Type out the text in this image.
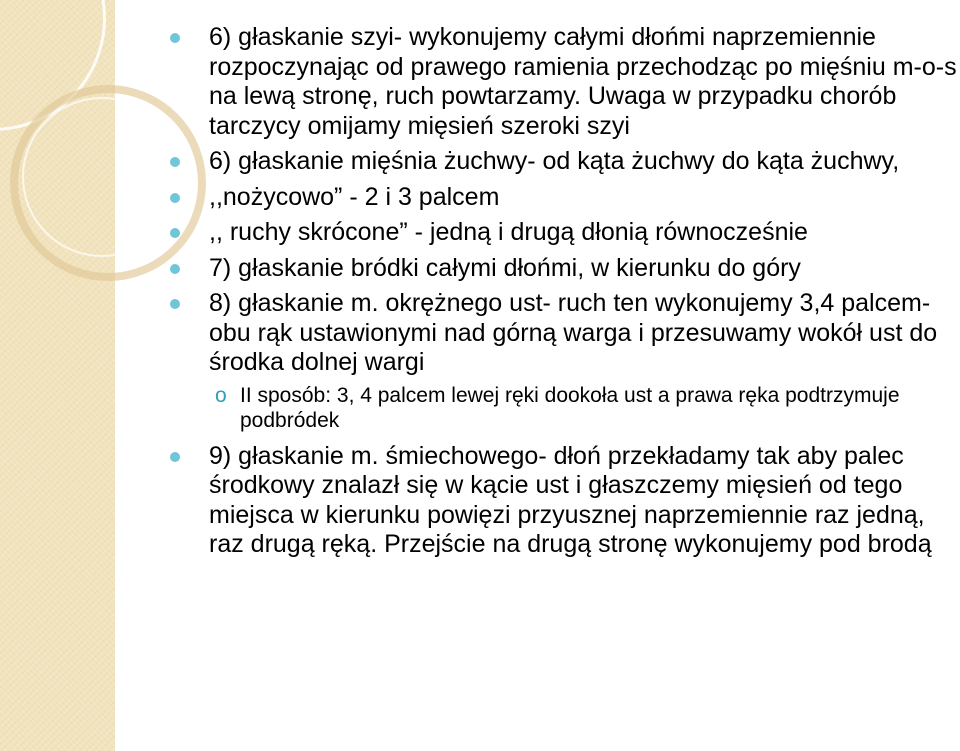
6) głaskanie szyi- wykonujemy całymi dłońmi naprzemiennie rozpoczynając od prawego ramienia przechodząc po mięśniu m-o-s na lewą stronę, ruch powtarzamy. Uwaga w przypadku chorób tarczycy omijamy mięsień szeroki szyi
6) głaskanie mięśnia żuchwy- od kąta żuchwy do kąta żuchwy,
,,nożycowo” - 2 i 3 palcem
,, ruchy skrócone” - jedną i drugą dłonią równocześnie
7) głaskanie bródki całymi dłońmi, w kierunku do góry
8) głaskanie m. okrężnego ust- ruch ten wykonujemy 3,4 palcem- obu rąk ustawionymi nad górną warga i przesuwamy wokół ust do środka dolnej wargi
o II sposób: 3, 4 palcem lewej ręki dookoła ust a prawa ręka podtrzymuje podbródek
9) głaskanie m. śmiechowego- dłoń przekładamy tak aby palec środkowy znalazł się w kącie ust i głaszczemy mięsień od tego miejsca w kierunku powięzi przyusznej naprzemiennie raz jedną, raz drugą ręką. Przejście na drugą stronę wykonujemy pod brodą
